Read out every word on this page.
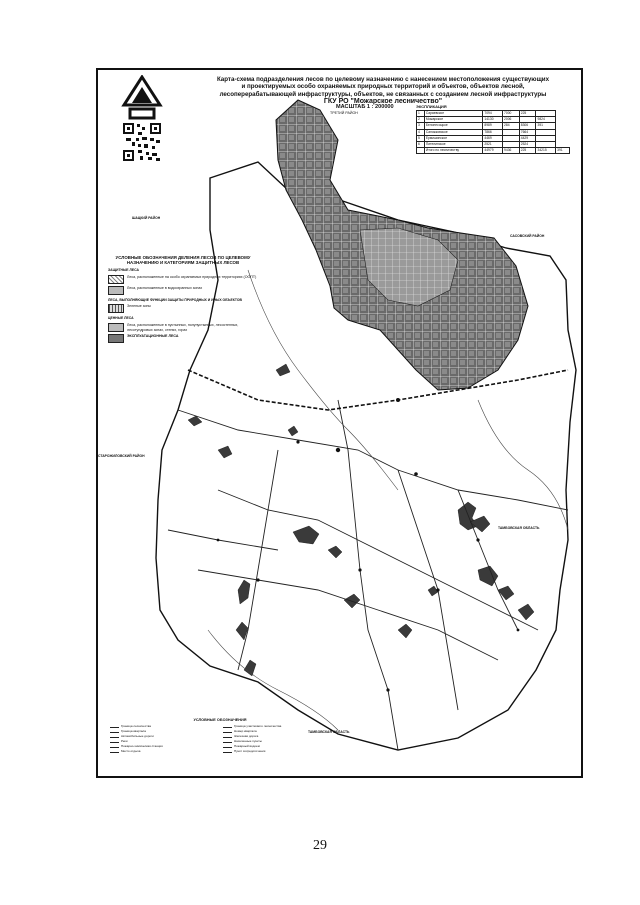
Карта-схема подразделения лесов по целевому назначению с нанесением местоположения существующих
и проектируемых особо охраняемых природных территорий и объектов, объектов лесной,
лесоперерабатывающей инфраструктуры, объектов, не связанных с созданием лесной инфраструктуры
ГКУ РО "Можарское лесничество"
МАСШТАБ 1 : 200000
ТРЕТИЙ РАЙОН
ЭКСПЛИКАЦИЯ
1	Сараевское	7094	7000	225		
2	Можарское	14130	2006		9824	
3	Белопесоцкое	8989	284	8306	391	
4	Сапожковское	7866		7664		
5	Ермишинское	4469		4429		
6	Пителинское	2521		2524		
	Итого по лесничеству	44979	9436	225	34215	391
УСЛОВНЫЕ ОБОЗНАЧЕНИЯ ДЕЛЕНИЯ ЛЕСОВ ПО ЦЕЛЕВОМУ НАЗНАЧЕНИЮ И КАТЕГОРИЯМ ЗАЩИТНЫХ ЛЕСОВ
ЗАЩИТНЫЕ ЛЕСА
Леса, расположенные на особо охраняемых природных территориях (ООПТ)
Леса, расположенные в водоохранных зонах
ЛЕСА, ВЫПОЛНЯЮЩИЕ ФУНКЦИИ ЗАЩИТЫ ПРИРОДНЫХ И ИНЫХ ОБЪЕКТОВ
Зеленые зоны
ЦЕННЫЕ ЛЕСА
Леса, расположенные в пустынных, полупустынных, лесостепных, лесотундровых зонах, степях, горах
ЭКСПЛУАТАЦИОННЫЕ ЛЕСА
ШАЦКИЙ РАЙОН
САСОВСКИЙ РАЙОН
СТАРОЖИЛОВСКИЙ РАЙОН
ТАМБОВСКАЯ ОБЛАСТЬ
ТАМБОВСКАЯ ОБЛАСТЬ
УСЛОВНЫЕ ОБОЗНАЧЕНИЯ
Граница лесничества	Граница участкового лесничества
Граница квартала	Номер квартала
Автомобильные дороги	Железная дорога
Реки	Населенные пункты
Пожарно-химическая станция	Пожарный водоем
Место отдыха	Пункт сосредоточения
29
